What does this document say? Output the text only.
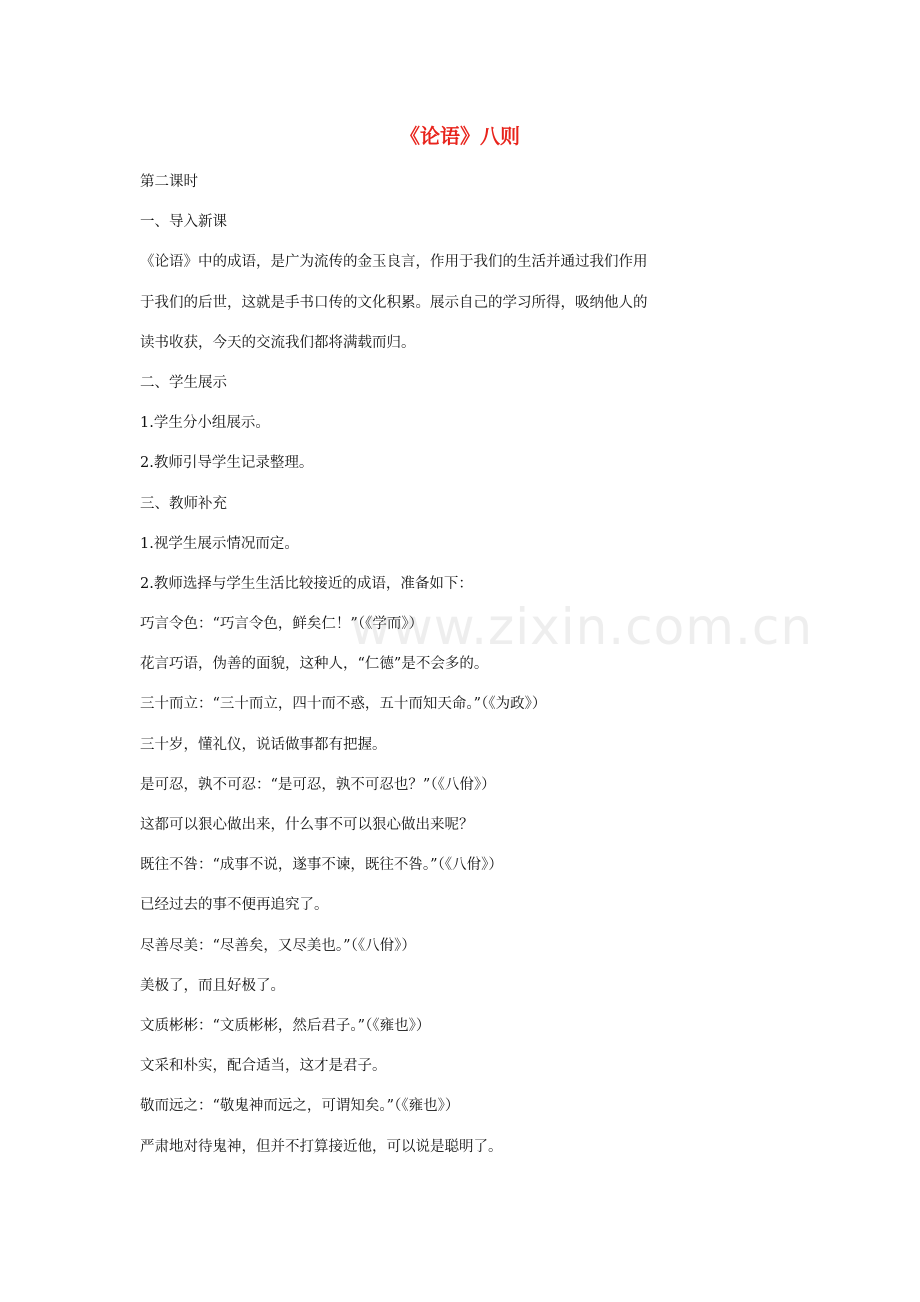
《论语》八则
第二课时
一、导入新课
《论语》中的成语，是广为流传的金玉良言，作用于我们的生活并通过我们作用
于我们的后世，这就是手书口传的文化积累。展示自己的学习所得，吸纳他人的
读书收获，今天的交流我们都将满载而归。
二、学生展示
1.学生分小组展示。
2.教师引导学生记录整理。
三、教师补充
1.视学生展示情况而定。
2.教师选择与学生生活比较接近的成语，准备如下：
巧言令色：“巧言令色，鲜矣仁！”（《学而》）
花言巧语，伪善的面貌，这种人，“仁德”是不会多的。
三十而立：“三十而立，四十而不惑，五十而知天命。”（《为政》）
三十岁，懂礼仪，说话做事都有把握。
是可忍，孰不可忍：“是可忍，孰不可忍也？”（《八佾》）
这都可以狠心做出来，什么事不可以狠心做出来呢？
既往不咎：“成事不说，遂事不谏，既往不咎。”（《八佾》）
已经过去的事不便再追究了。
尽善尽美：“尽善矣，又尽美也。”（《八佾》）
美极了，而且好极了。
文质彬彬：“文质彬彬，然后君子。”（《雍也》）
文采和朴实，配合适当，这才是君子。
敬而远之：“敬鬼神而远之，可谓知矣。”（《雍也》）
严肃地对待鬼神，但并不打算接近他，可以说是聪明了。
www.zixin.com.cn
